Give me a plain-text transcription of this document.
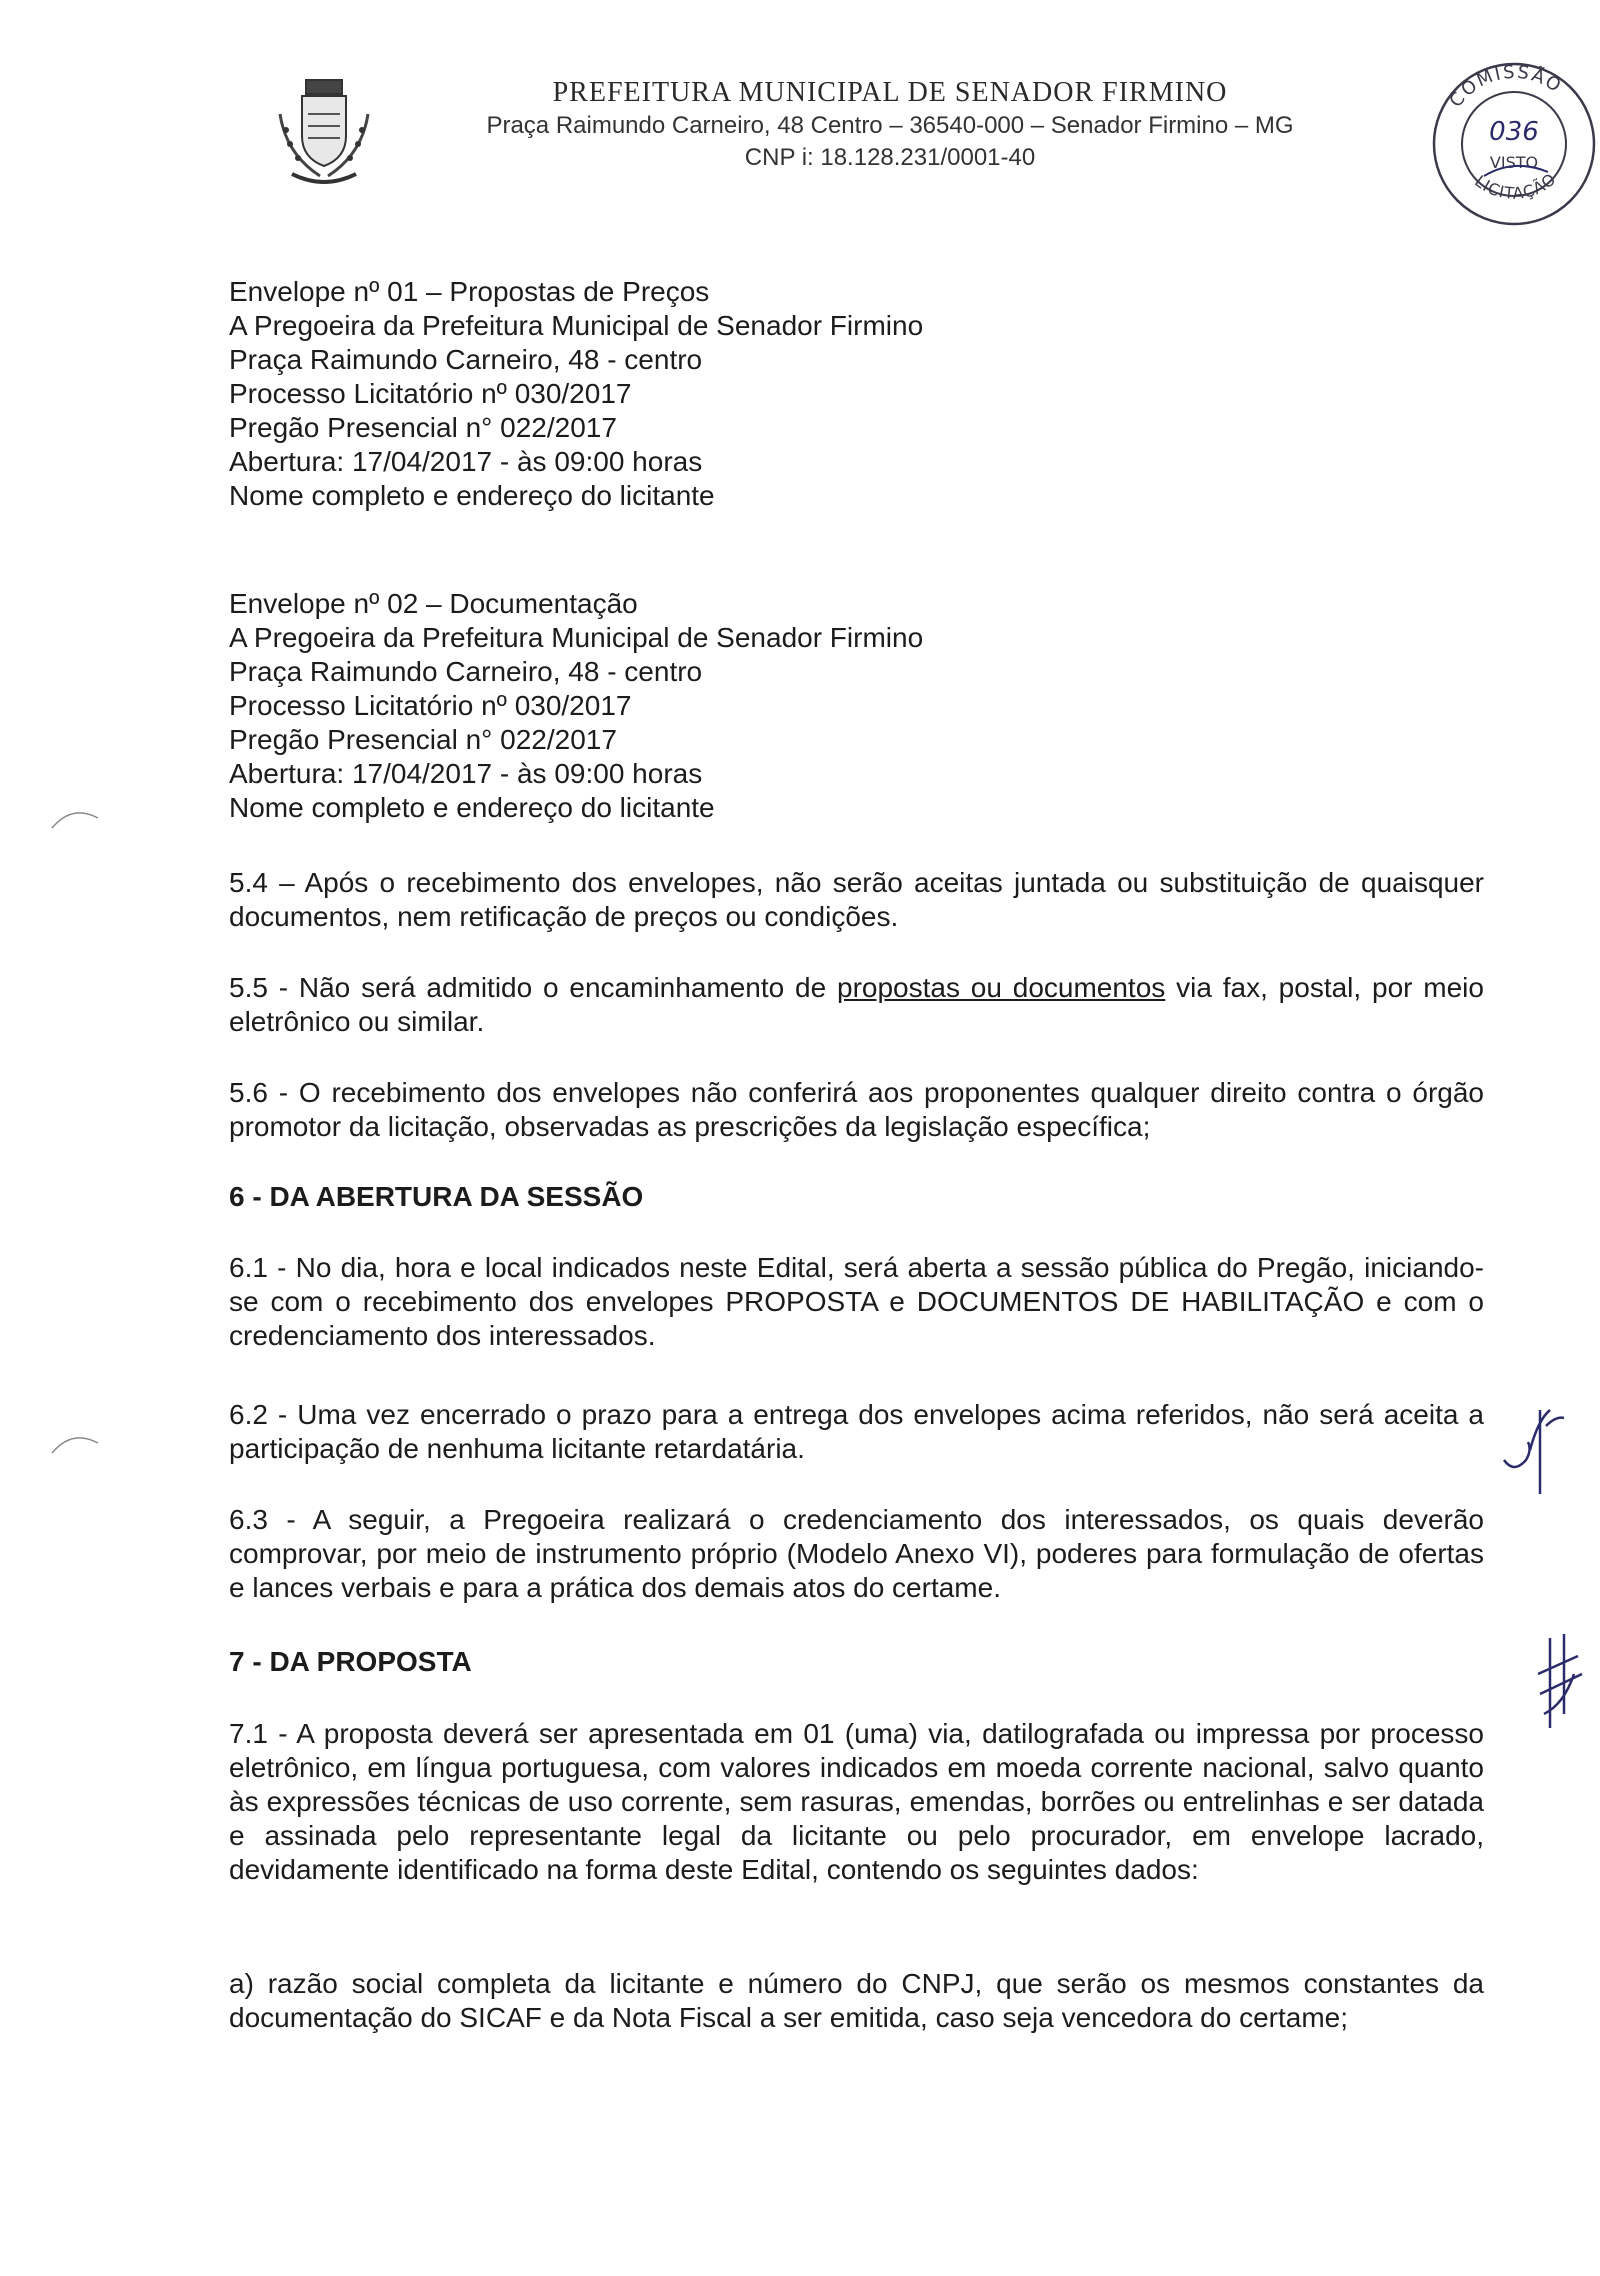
PREFEITURA MUNICIPAL DE SENADOR FIRMINO
Praça Raimundo Carneiro, 48 Centro – 36540-000 – Senador Firmino – MG
CNP i: 18.128.231/0001-40
COMISSÃO
LICITAÇÃO
036
VISTO

Envelope nº 01 – Propostas de Preços

A Pregoeira da Prefeitura Municipal de Senador Firmino

Praça Raimundo Carneiro, 48 - centro

Processo Licitatório nº 030/2017

Pregão Presencial n° 022/2017

Abertura: 17/04/2017 - às 09:00 horas

Nome completo e endereço do licitante

Envelope nº 02 – Documentação

A Pregoeira da Prefeitura Municipal de Senador Firmino

Praça Raimundo Carneiro, 48 - centro

Processo Licitatório nº 030/2017

Pregão Presencial n° 022/2017

Abertura: 17/04/2017 - às 09:00 horas

Nome completo e endereço do licitante

5.4 – Após o recebimento dos envelopes, não serão aceitas juntada ou substituição de quaisquer documentos, nem retificação de preços ou condições.

5.5 - Não será admitido o encaminhamento de propostas ou documentos via fax, postal, por meio eletrônico ou similar.

5.6 - O recebimento dos envelopes não conferirá aos proponentes qualquer direito contra o órgão promotor da licitação, observadas as prescrições da legislação específica;

6 - DA ABERTURA DA SESSÃO

6.1 - No dia, hora e local indicados neste Edital, será aberta a sessão pública do Pregão, iniciando-se com o recebimento dos envelopes PROPOSTA e DOCUMENTOS DE HABILITAÇÃO e com o credenciamento dos interessados.

6.2 - Uma vez encerrado o prazo para a entrega dos envelopes acima referidos, não será aceita a participação de nenhuma licitante retardatária.

6.3 - A seguir, a Pregoeira realizará o credenciamento dos interessados, os quais deverão comprovar, por meio de instrumento próprio (Modelo Anexo VI), poderes para formulação de ofertas e lances verbais e para a prática dos demais atos do certame.

7 - DA PROPOSTA

7.1 - A proposta deverá ser apresentada em 01 (uma) via, datilografada ou impressa por processo eletrônico, em língua portuguesa, com valores indicados em moeda corrente nacional, salvo quanto às expressões técnicas de uso corrente, sem rasuras, emendas, borrões ou entrelinhas e ser datada e assinada pelo representante legal da licitante ou pelo procurador, em envelope lacrado, devidamente identificado na forma deste Edital, contendo os seguintes dados:

a) razão social completa da licitante e número do CNPJ, que serão os mesmos constantes da documentação do SICAF e da Nota Fiscal a ser emitida, caso seja vencedora do certame;
